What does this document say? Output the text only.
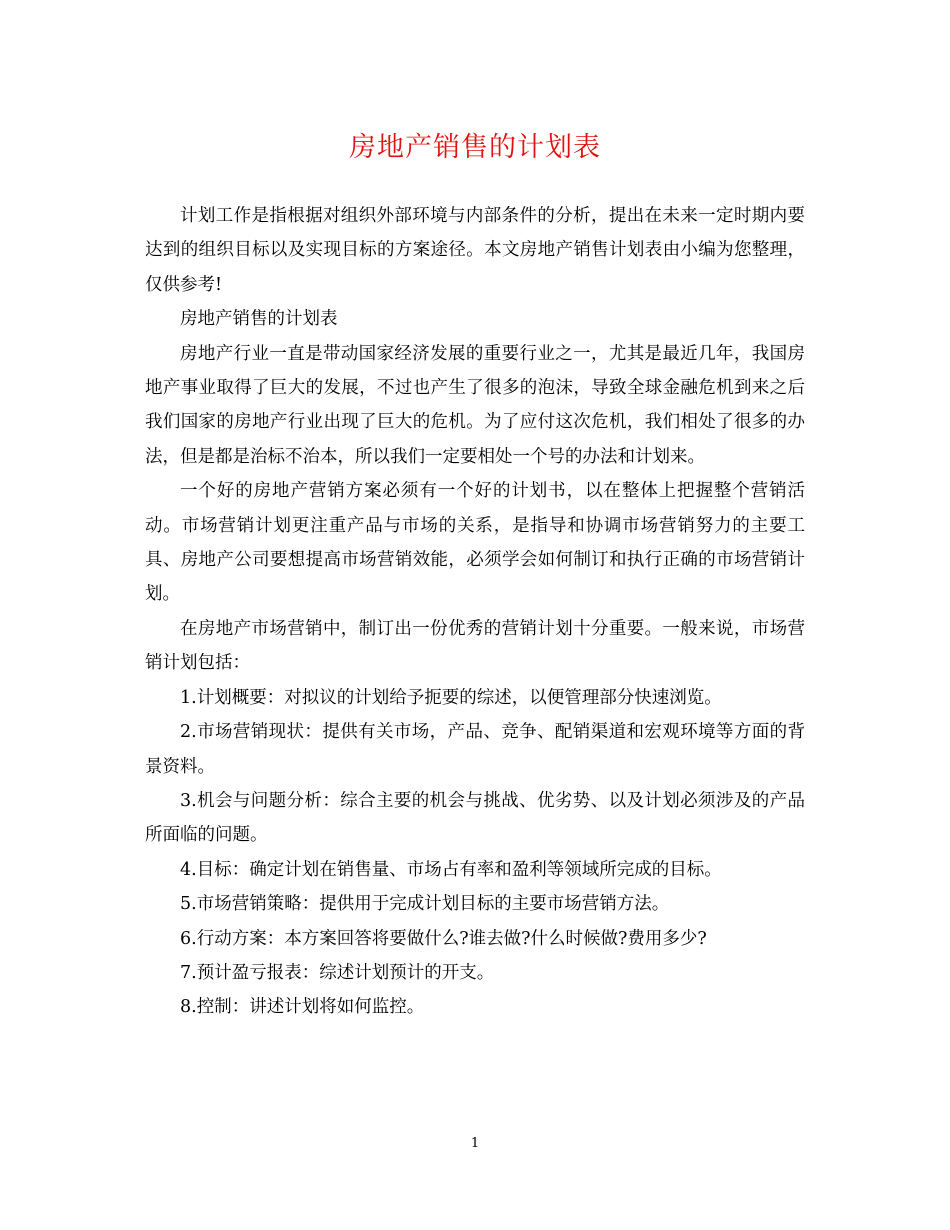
房地产销售的计划表

计划工作是指根据对组织外部环境与内部条件的分析，提出在未来一定时期内要达到的组织目标以及实现目标的方案途径。本文房地产销售计划表由小编为您整理，仅供参考!

房地产销售的计划表

房地产行业一直是带动国家经济发展的重要行业之一，尤其是最近几年，我国房地产事业取得了巨大的发展，不过也产生了很多的泡沫，导致全球金融危机到来之后我们国家的房地产行业出现了巨大的危机。为了应付这次危机，我们相处了很多的办法，但是都是治标不治本，所以我们一定要相处一个号的办法和计划来。

一个好的房地产营销方案必须有一个好的计划书，以在整体上把握整个营销活动。市场营销计划更注重产品与市场的关系，是指导和协调市场营销努力的主要工具、房地产公司要想提高市场营销效能，必须学会如何制订和执行正确的市场营销计划。

在房地产市场营销中，制订出一份优秀的营销计划十分重要。一般来说，市场营销计划包括：

1.计划概要：对拟议的计划给予扼要的综述，以便管理部分快速浏览。

2.市场营销现状：提供有关市场，产品、竞争、配销渠道和宏观环境等方面的背景资料。

3.机会与问题分析：综合主要的机会与挑战、优劣势、以及计划必须涉及的产品所面临的问题。

4.目标：确定计划在销售量、市场占有率和盈利等领域所完成的目标。

5.市场营销策略：提供用于完成计划目标的主要市场营销方法。

6.行动方案：本方案回答将要做什么?谁去做?什么时候做?费用多少?

7.预计盈亏报表：综述计划预计的开支。

8.控制：讲述计划将如何监控。

1
